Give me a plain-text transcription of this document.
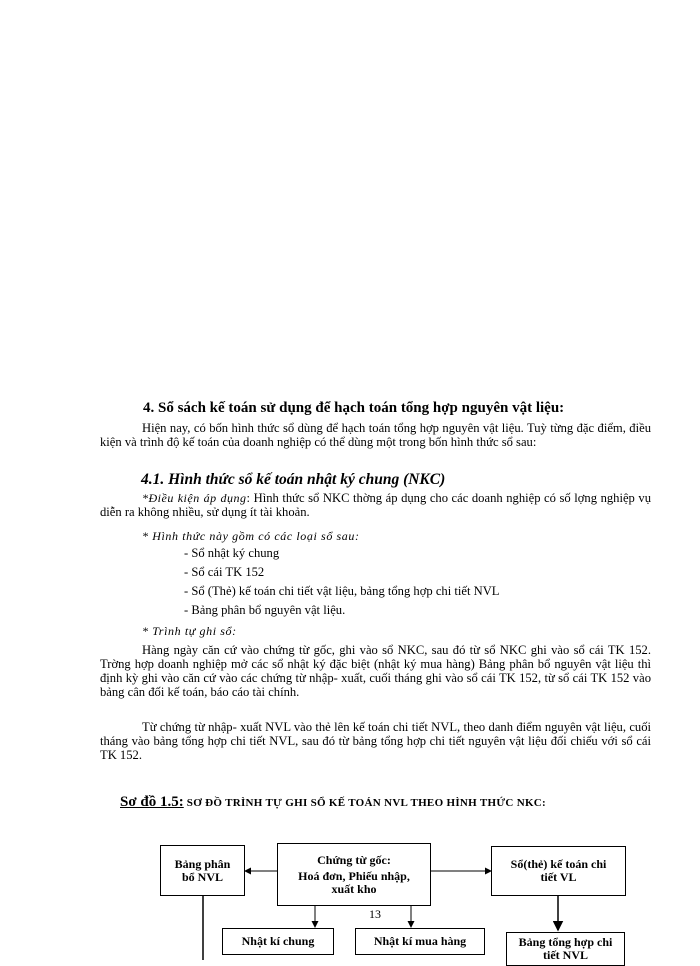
4. Sổ sách kế toán sử dụng để hạch toán tổng hợp nguyên vật liệu:
Hiện nay, có bốn hình thức sổ dùng để hạch toán tổng hợp nguyên vật liệu. Tuỳ từng đặc điểm, điều kiện và trình độ kế toán của doanh nghiệp có thể dùng một trong bốn hình thức sổ sau:
4.1. Hình thức sổ kế toán nhật ký chung (NKC)
*Điều kiện áp dụng: Hình thức sổ NKC thờng áp dụng cho các doanh nghiệp có số lợng nghiệp vụ diễn ra không nhiều, sử dụng ít tài khoản.
* Hình thức này gồm có các loại sổ sau:
- Sổ nhật ký chung
- Sổ cái TK 152
- Sổ (Thẻ) kế toán chi tiết vật liệu, bảng tổng hợp chi tiết NVL
- Bảng phân bổ nguyên vật liệu.
* Trình tự ghi sổ:
Hàng ngày căn cứ vào chứng từ gốc, ghi vào sổ NKC, sau đó từ sổ NKC ghi vào sổ cái TK 152. Trờng hợp doanh nghiệp mở các sổ nhật ký đặc biệt (nhật ký mua hàng) Bảng phân bổ nguyên vật liệu thì định kỳ ghi vào căn cứ vào các chứng từ nhập- xuất, cuối tháng ghi vào sổ cái TK 152, từ sổ cái TK 152 vào bảng cân đối kế toán, báo cáo tài chính.
Từ chứng từ nhập- xuất NVL vào thẻ lên kế toán chi tiết NVL, theo danh điểm nguyên vật liệu, cuối tháng vào bảng tổng hợp chi tiết NVL, sau đó từ bảng tổng hợp chi tiết nguyên vật liệu đối chiếu với sổ cái TK 152.
Sơ đồ 1.5: SƠ ĐỒ TRÌNH TỰ GHI SỔ KẾ TOÁN NVL THEO HÌNH THỨC NKC:
Bảng phân bổ NVL
Chứng từ gốc:
Hoá đơn, Phiếu nhập, xuất kho
Sổ(thẻ) kế toán chi tiết VL
Nhật kí chung	Nhật kí mua hàng	Bảng tổng hợp chi tiết NVL
13
